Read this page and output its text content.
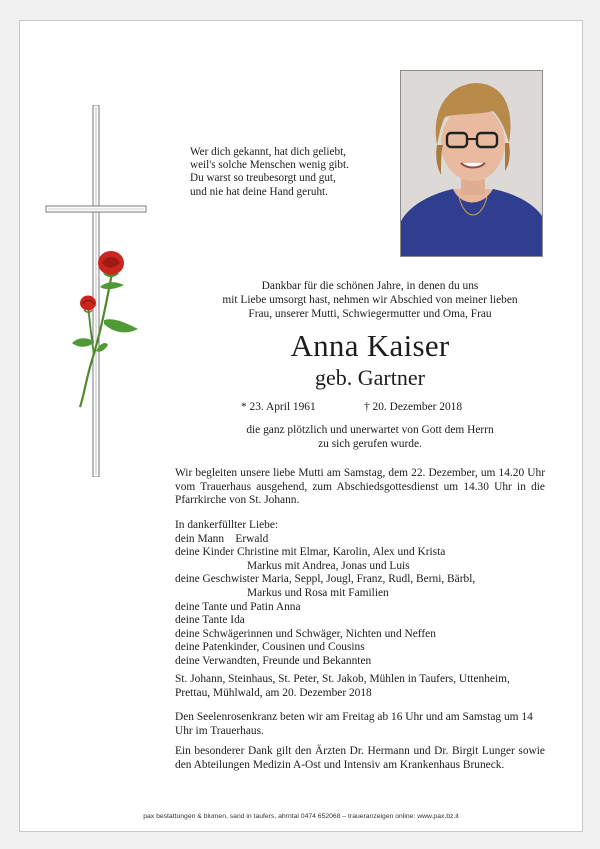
Wer dich gekannt, hat dich geliebt,
weil's solche Menschen wenig gibt.
Du warst so treubesorgt und gut,
und nie hat deine Hand geruht.
Dankbar für die schönen Jahre, in denen du uns
mit Liebe umsorgt hast, nehmen wir Abschied von meiner lieben
Frau, unserer Mutti, Schwiegermutter und Oma, Frau
Anna Kaiser
geb. Gartner
* 23. April 1961	† 20. Dezember 2018
die ganz plötzlich und unerwartet von Gott dem Herrn
zu sich gerufen wurde.
Wir begleiten unsere liebe Mutti am Samstag, dem 22. Dezember, um 14.20 Uhr vom Trauerhaus ausgehend, zum Abschiedsgottesdienst um 14.30 Uhr in die Pfarrkirche von St. Johann.
In dankerfüllter Liebe:
dein Mann    Erwald
deine Kinder Christine mit Elmar, Karolin, Alex und Krista
Markus mit Andrea, Jonas und Luis
deine Geschwister Maria, Seppl, Jougl, Franz, Rudl, Berni, Bärbl,
Markus und Rosa mit Familien
deine Tante und Patin Anna
deine Tante Ida
deine Schwägerinnen und Schwäger, Nichten und Neffen
deine Patenkinder, Cousinen und Cousins
deine Verwandten, Freunde und Bekannten
St. Johann, Steinhaus, St. Peter, St. Jakob, Mühlen in Taufers, Uttenheim, Prettau, Mühlwald, am 20. Dezember 2018
Den Seelenrosenkranz beten wir am Freitag ab 16 Uhr und am Samstag um 14 Uhr im Trauerhaus.
Ein besonderer Dank gilt den Ärzten Dr. Hermann und Dr. Birgit Lunger sowie den Abteilungen Medizin A-Ost und Intensiv am Krankenhaus Bruneck.
pax bestattungen & blumen, sand in taufers, ahrntal 0474 652068 – traueranzeigen online: www.pax.bz.it
